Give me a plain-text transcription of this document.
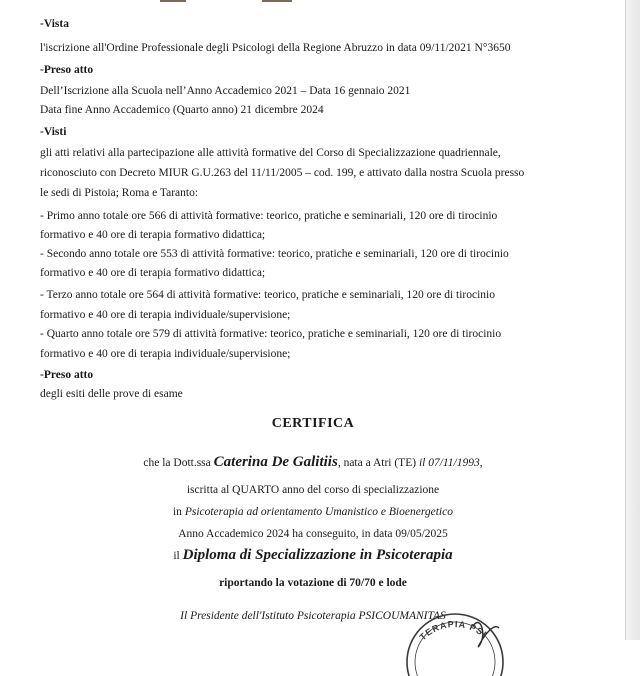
-Vista
l'iscrizione all'Ordine Professionale degli Psicologi della Regione Abruzzo in data 09/11/2021 N°3650
-Preso atto
Dell’Iscrizione alla Scuola nell’Anno Accademico 2021 – Data 16 gennaio 2021
Data fine Anno Accademico (Quarto anno) 21 dicembre 2024
-Visti
gli atti relativi alla partecipazione alle attività formative del Corso di Specializzazione quadriennale,
riconosciuto con Decreto MIUR G.U.263 del 11/11/2005 – cod. 199, e attivato dalla nostra Scuola presso
le sedi di Pistoia; Roma e Taranto:
- Primo anno totale ore 566 di attività formative: teorico, pratiche e seminariali, 120 ore di tirocinio
formativo e 40 ore di terapia formativo didattica;
- Secondo anno totale ore 553 di attività formative: teorico, pratiche e seminariali, 120 ore di tirocinio
formativo e 40 ore di terapia formativo didattica;
- Terzo anno totale ore 564 di attività formative: teorico, pratiche e seminariali, 120 ore di tirocinio
formativo e 40 ore di terapia individuale/supervisione;
- Quarto anno totale ore 579 di attività formative: teorico, pratiche e seminariali, 120 ore di tirocinio
formativo e 40 ore di terapia individuale/supervisione;
-Preso atto
degli esiti delle prove di esame
CERTIFICA
che la Dott.ssa Caterina De Galitiis, nata a Atri (TE) il 07/11/1993,
iscritta al QUARTO anno del corso di specializzazione
in Psicoterapia ad orientamento Umanistico e Bioenergetico
Anno Accademico 2024 ha conseguito, in data 09/05/2025
il Diploma di Specializzazione in Psicoterapia
riportando la votazione di 70/70 e lode
Il Presidente dell'Istituto Psicoterapia PSICOUMANITAS
TERAPIA PSI
